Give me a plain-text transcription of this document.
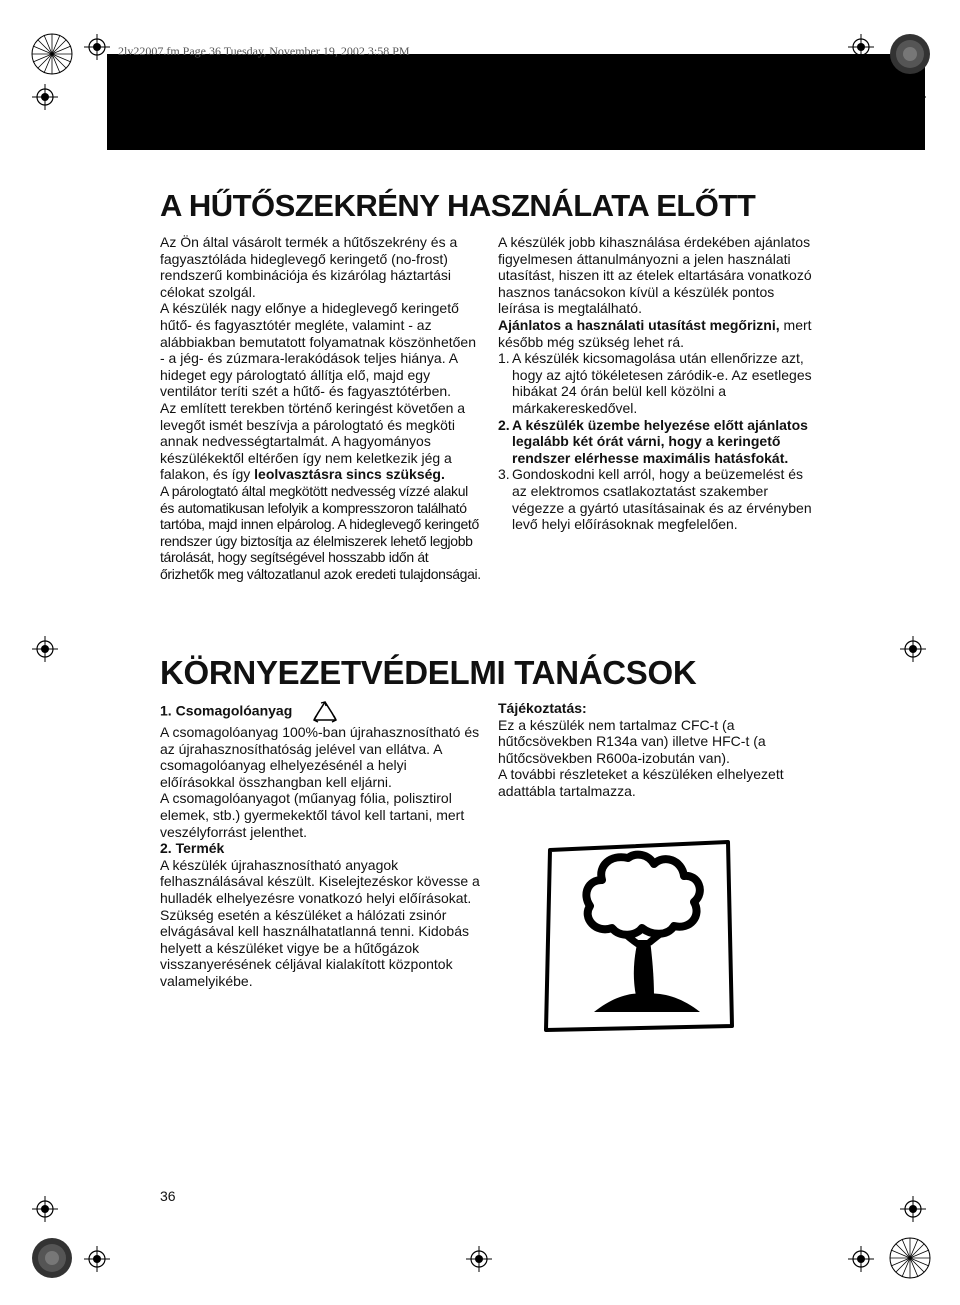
2lv22007.fm Page 36 Tuesday, November 19, 2002 3:58 PM
A HŰTŐSZEKRÉNY HASZNÁLATA ELŐTT

Az Ön által vásárolt termék a hűtőszekrény és a fagyasztóláda hideglevegő keringető (no-frost) rendszerű kombinációja és kizárólag háztartási célokat szolgál.

A készülék nagy előnye a hideglevegő keringető hűtő- és fagyasztótér megléte, valamint - az alábbiakban bemutatott folyamatnak köszönhetően - a jég- és zúzmara-lerakódások teljes hiánya. A hideget egy párologtató állítja elő, majd egy ventilátor teríti szét a hűtő- és fagyasztótérben.

Az említett terekben történő keringést követően a levegőt ismét beszívja a párologtató és megköti annak nedvességtartalmát. A hagyományos készülékektől eltérően így nem keletkezik jég a falakon, és így leolvasztásra sincs szükség.

A párologtató által megkötött nedvesség vízzé alakul és automatikusan lefolyik a kompresszoron található tartóba, majd innen elpárolog. A hideglevegő keringető rendszer úgy biztosítja az élelmiszerek lehető legjobb tárolását, hogy segítségével hosszabb időn át őrizhetők meg változatlanul azok eredeti tulajdonságai.

A készülék jobb kihasználása érdekében ajánlatos figyelmesen áttanulmányozni a jelen használati utasítást, hiszen itt az ételek eltartására vonatkozó hasznos tanácsokon kívül a készülék pontos leírása is megtalálható.

Ajánlatos a használati utasítást megőrizni, mert később még szükség lehet rá.

1. A készülék kicsomagolása után ellenőrizze azt, hogy az ajtó tökéletesen záródik-e. Az esetleges hibákat 24 órán belül kell közölni a márkakereskedővel.
2. A készülék üzembe helyezése előtt ajánlatos legalább két órát várni, hogy a keringető rendszer elérhesse maximális hatásfokát.
3. Gondoskodni kell arról, hogy a beüzemelést és az elektromos csatlakoztatást szakember végezze a gyártó utasításainak és az érvényben levő helyi előírásoknak megfelelően.
KÖRNYEZETVÉDELMI TANÁCSOK

1. Csomagolóanyag

A csomagolóanyag 100%-ban újrahasznosítható és az újrahasznosíthatóság jelével van ellátva. A csomagolóanyag elhelyezésénél a helyi előírásokkal összhangban kell eljárni.

A csomagolóanyagot (műanyag fólia, polisztirol elemek, stb.) gyermekektől távol kell tartani, mert veszélyforrást jelenthet.

2. Termék

A készülék újrahasznosítható anyagok felhasználásával készült. Kiselejtezéskor kövesse a hulladék elhelyezésre vonatkozó helyi előírásokat.

Szükség esetén a készüléket a hálózati zsinór elvágásával kell használhatatlanná tenni. Kidobás helyett a készüléket vigye be a hűtőgázok visszanyerésének céljával kialakított központok valamelyikébe.

Tájékoztatás:

Ez a készülék nem tartalmaz CFC-t (a hűtőcsövekben R134a van) illetve HFC-t (a hűtőcsövekben R600a-izobután van).

A további részleteket a készüléken elhelyezett adattábla tartalmazza.

36
